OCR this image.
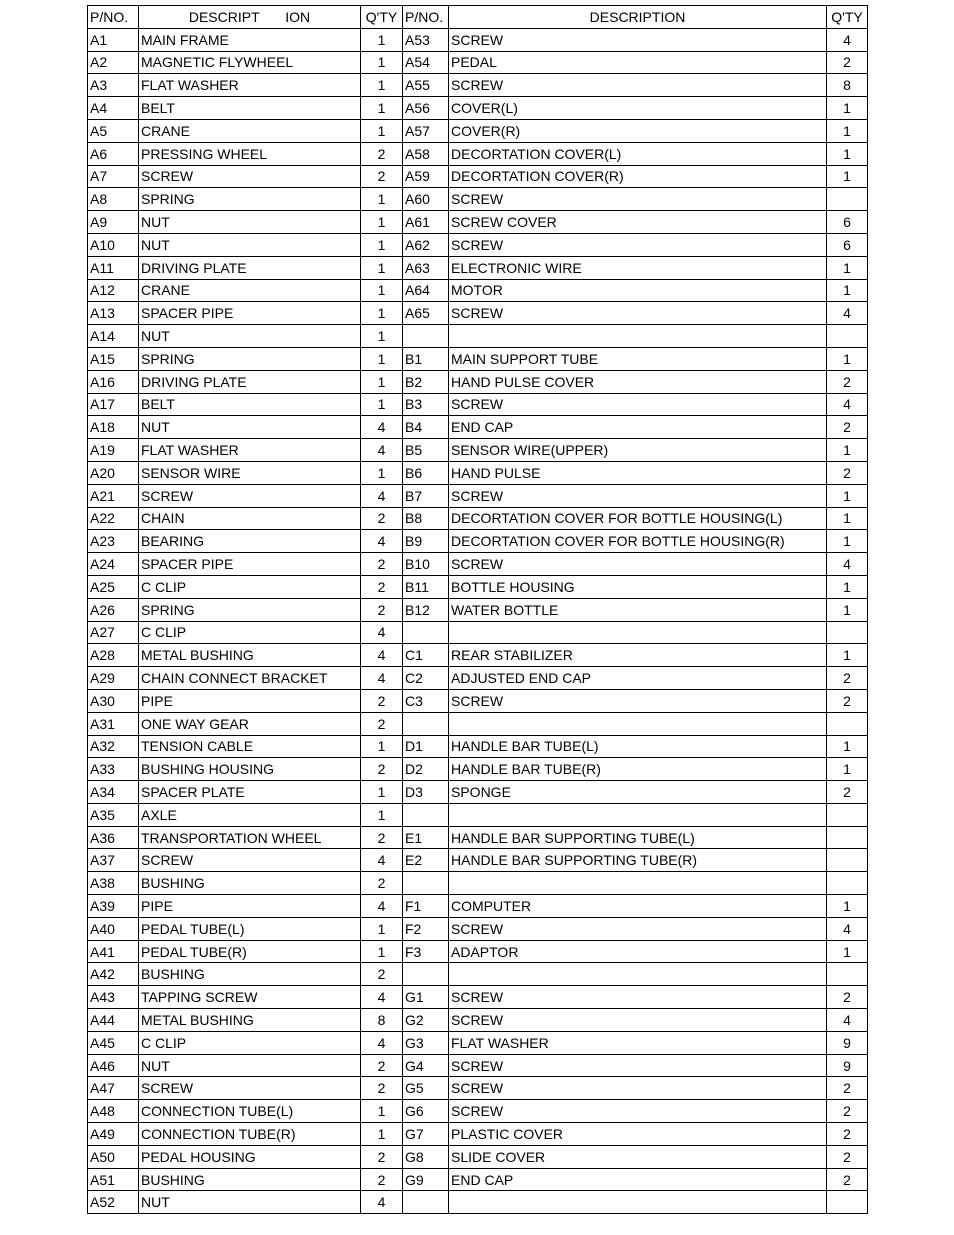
P/NO.	DESCRIPT ION	Q'TY	P/NO.	DESCRIPTION	Q'TY
A1	MAIN FRAME	1	A53	SCREW	4
A2	MAGNETIC FLYWHEEL	1	A54	PEDAL	2
A3	FLAT WASHER	1	A55	SCREW	8
A4	BELT	1	A56	COVER(L)	1
A5	CRANE	1	A57	COVER(R)	1
A6	PRESSING WHEEL	2	A58	DECORTATION COVER(L)	1
A7	SCREW	2	A59	DECORTATION COVER(R)	1
A8	SPRING	1	A60	SCREW	
A9	NUT	1	A61	SCREW COVER	6
A10	NUT	1	A62	SCREW	6
A11	DRIVING PLATE	1	A63	ELECTRONIC WIRE	1
A12	CRANE	1	A64	MOTOR	1
A13	SPACER PIPE	1	A65	SCREW	4
A14	NUT	1			
A15	SPRING	1	B1	MAIN SUPPORT TUBE	1
A16	DRIVING PLATE	1	B2	HAND PULSE COVER	2
A17	BELT	1	B3	SCREW	4
A18	NUT	4	B4	END CAP	2
A19	FLAT WASHER	4	B5	SENSOR WIRE(UPPER)	1
A20	SENSOR WIRE	1	B6	HAND PULSE	2
A21	SCREW	4	B7	SCREW	1
A22	CHAIN	2	B8	DECORTATION COVER FOR BOTTLE HOUSING(L)	1
A23	BEARING	4	B9	DECORTATION COVER FOR BOTTLE HOUSING(R)	1
A24	SPACER PIPE	2	B10	SCREW	4
A25	C CLIP	2	B11	BOTTLE HOUSING	1
A26	SPRING	2	B12	WATER BOTTLE	1
A27	C CLIP	4			
A28	METAL BUSHING	4	C1	REAR STABILIZER	1
A29	CHAIN CONNECT BRACKET	4	C2	ADJUSTED END CAP	2
A30	PIPE	2	C3	SCREW	2
A31	ONE WAY GEAR	2			
A32	TENSION CABLE	1	D1	HANDLE BAR TUBE(L)	1
A33	BUSHING HOUSING	2	D2	HANDLE BAR TUBE(R)	1
A34	SPACER PLATE	1	D3	SPONGE	2
A35	AXLE	1			
A36	TRANSPORTATION WHEEL	2	E1	HANDLE BAR SUPPORTING TUBE(L)	
A37	SCREW	4	E2	HANDLE BAR SUPPORTING TUBE(R)	
A38	BUSHING	2			
A39	PIPE	4	F1	COMPUTER	1
A40	PEDAL TUBE(L)	1	F2	SCREW	4
A41	PEDAL TUBE(R)	1	F3	ADAPTOR	1
A42	BUSHING	2			
A43	TAPPING SCREW	4	G1	SCREW	2
A44	METAL BUSHING	8	G2	SCREW	4
A45	C CLIP	4	G3	FLAT WASHER	9
A46	NUT	2	G4	SCREW	9
A47	SCREW	2	G5	SCREW	2
A48	CONNECTION TUBE(L)	1	G6	SCREW	2
A49	CONNECTION TUBE(R)	1	G7	PLASTIC COVER	2
A50	PEDAL HOUSING	2	G8	SLIDE COVER	2
A51	BUSHING	2	G9	END CAP	2
A52	NUT	4			
